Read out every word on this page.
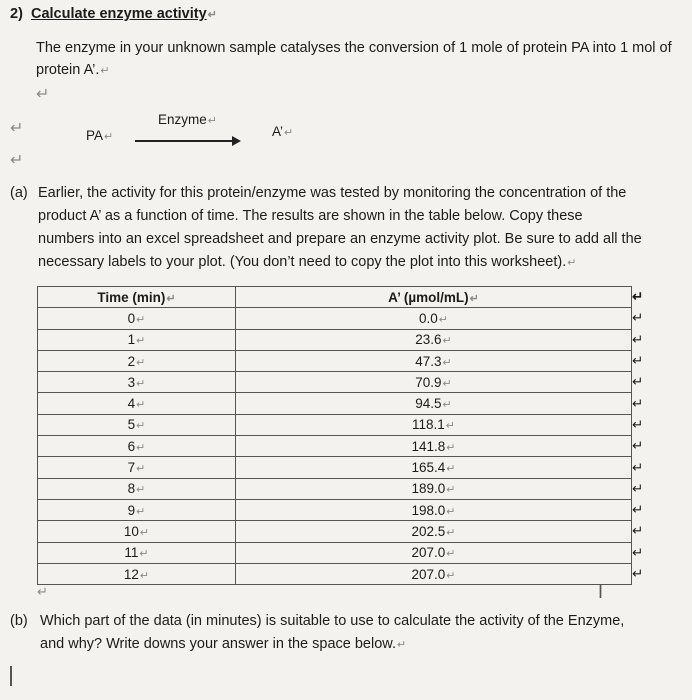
2) Calculate enzyme activity↵
The enzyme in your unknown sample catalyses the conversion of 1 mole of protein PA into 1 mol of protein A’.↵
↵
↵
↵
PA↵
Enzyme↵
A’↵
(a) Earlier, the activity for this protein/enzyme was tested by monitoring the concentration of the
product A’ as a function of time. The results are shown in the table below. Copy these
numbers into an excel spreadsheet and prepare an enzyme activity plot. Be sure to add all the
necessary labels to your plot. (You don’t need to copy the plot into this worksheet).↵
Time (min)↵	A’ (µmol/mL)↵	↵
0↵	0.0↵	↵
1↵	23.6↵	↵
2↵	47.3↵	↵
3↵	70.9↵	↵
4↵	94.5↵	↵
5↵	118.1↵	↵
6↵	141.8↵	↵
7↵	165.4↵	↵
8↵	189.0↵	↵
9↵	198.0↵	↵
10↵	202.5↵	↵
11↵	207.0↵	↵
12↵	207.0↵	↵
↵	I
(b) Which part of the data (in minutes) is suitable to use to calculate the activity of the Enzyme,
and why? Write downs your answer in the space below.↵
